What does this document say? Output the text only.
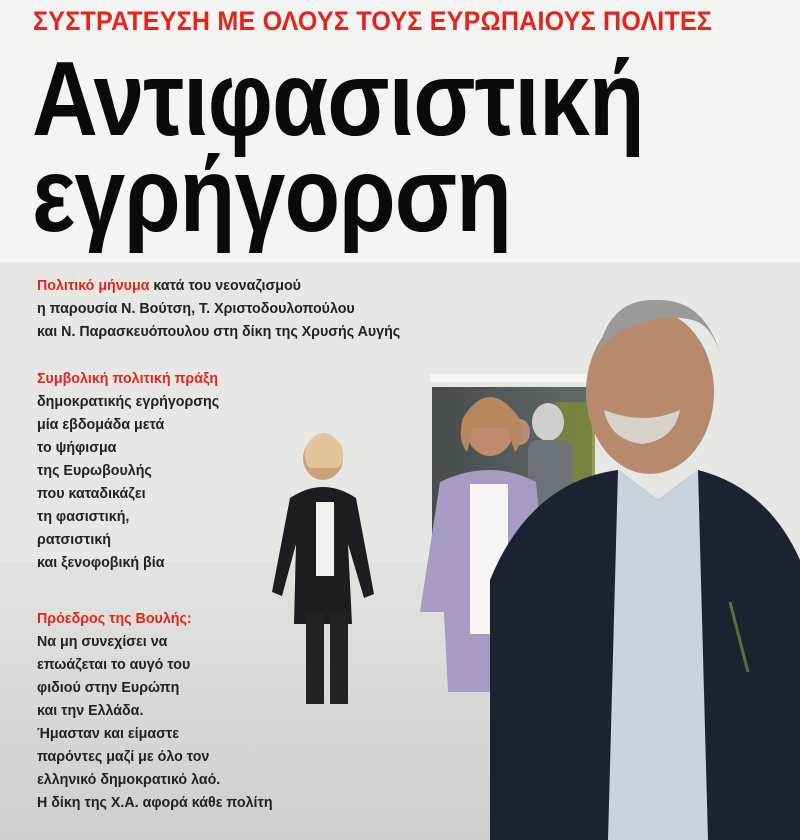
ΣΥΣΤΡΑΤΕΥΣΗ ΜΕ ΟΛΟΥΣ ΤΟΥΣ ΕΥΡΩΠΑΙΟΥΣ ΠΟΛΙΤΕΣ
Αντιφασιστική
εγρήγορση
Πολιτικό μήνυμα κατά του νεοναζισμού
η παρουσία Ν. Βούτση, Τ. Χριστοδουλοπούλου
και Ν. Παρασκευόπουλου στη δίκη της Χρυσής Αυγής
Συμβολική πολιτική πράξη
δημοκρατικής εγρήγορσης
μία εβδομάδα μετά
το ψήφισμα
της Ευρωβουλής
που καταδικάζει
τη φασιστική,
ρατσιστική
και ξενοφοβική βία
Πρόεδρος της Βουλής:
Να μη συνεχίσει να
επωάζεται το αυγό του
φιδιού στην Ευρώπη
και την Ελλάδα.
Ήμασταν και είμαστε
παρόντες μαζί με όλο τον
ελληνικό δημοκρατικό λαό.
Η δίκη της Χ.Α. αφορά κάθε πολίτη
